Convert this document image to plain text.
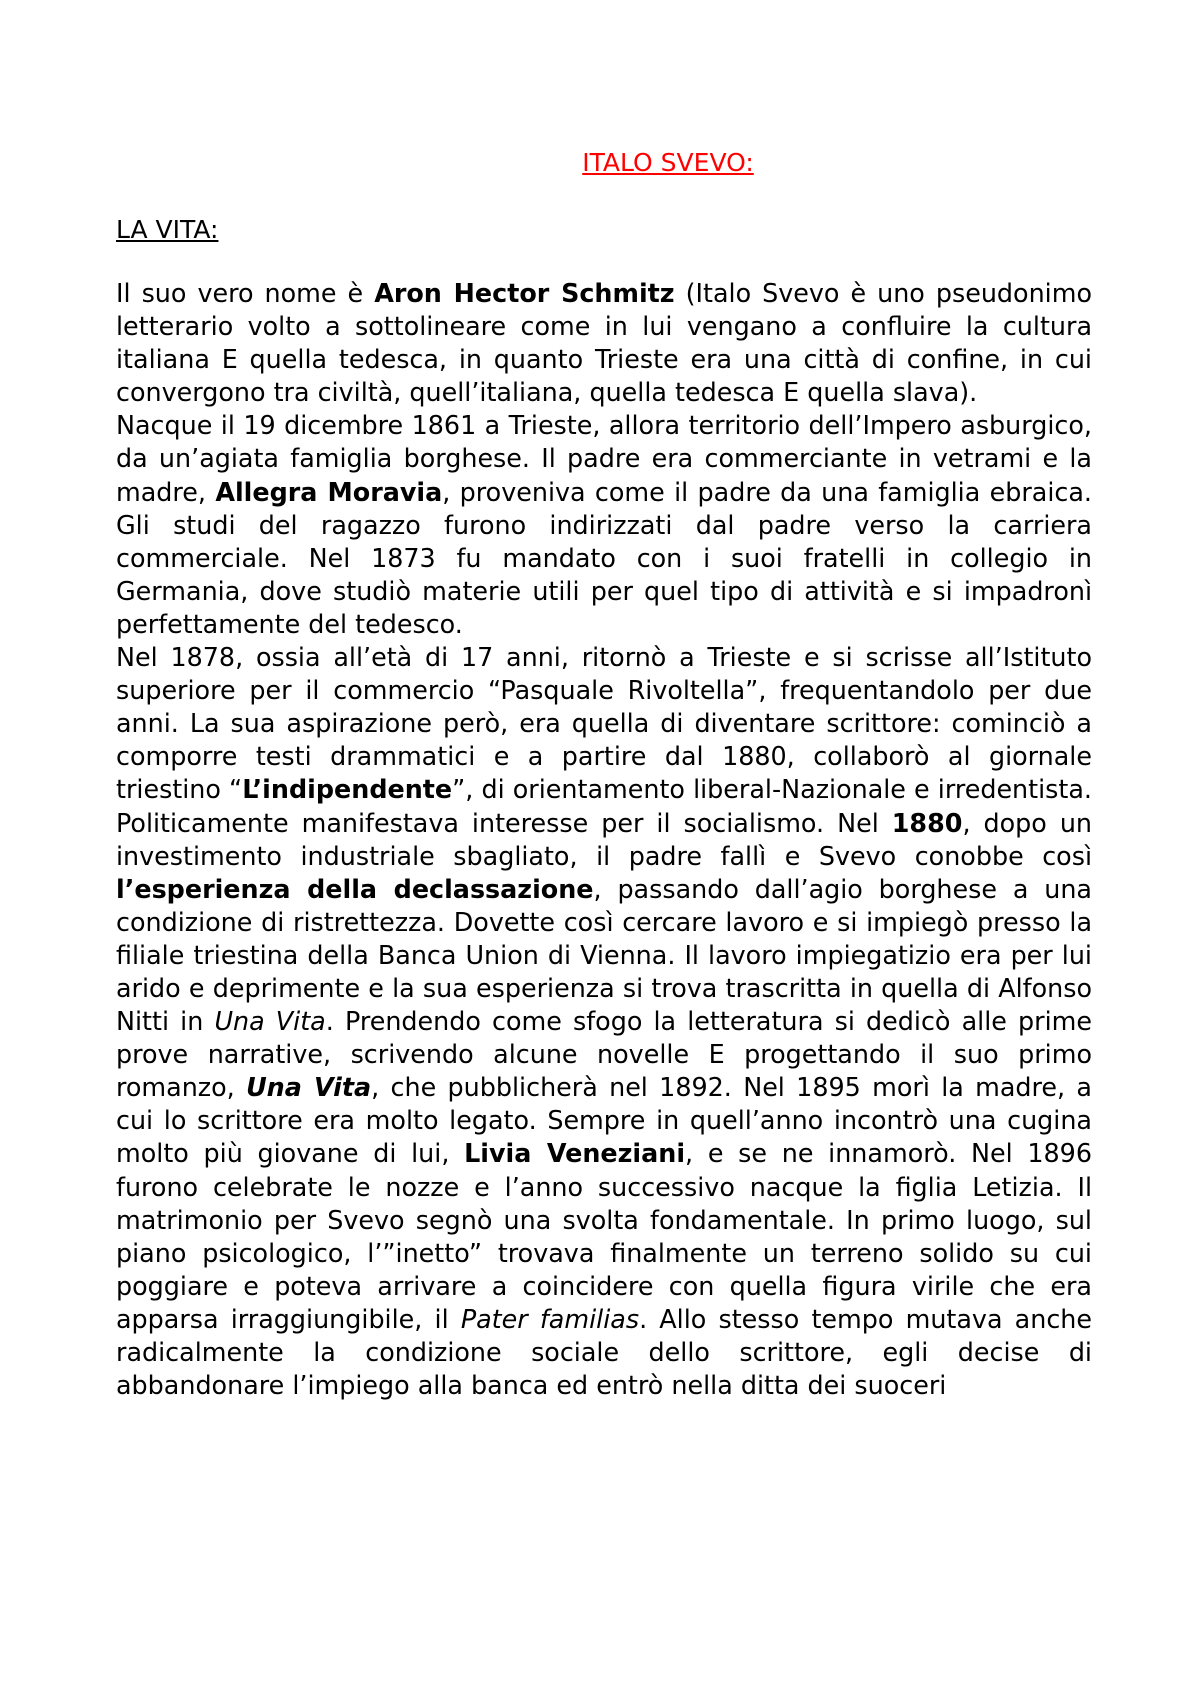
ITALO SVEVO:
LA VITA:

Il suo vero nome è Aron Hector Schmitz (Italo Svevo è uno pseudonimo letterario volto a sottolineare come in lui vengano a confluire la cultura italiana E quella tedesca, in quanto Trieste era una città di confine, in cui convergono tra civiltà, quell’italiana, quella tedesca E quella slava).

Nacque il 19 dicembre 1861 a Trieste, allora territorio dell’Impero asburgico, da un’agiata famiglia borghese. Il padre era commerciante in vetrami e la madre, Allegra Moravia, proveniva come il padre da una famiglia ebraica. Gli studi del ragazzo furono indirizzati dal padre verso la carriera commerciale. Nel 1873 fu mandato con i suoi fratelli in collegio in Germania, dove studiò materie utili per quel tipo di attività e si impadronì perfettamente del tedesco.

Nel 1878, ossia all’età di 17 anni, ritornò a Trieste e si scrisse all’Istituto superiore per il commercio “Pasquale Rivoltella”, frequentandolo per due anni. La sua aspirazione però, era quella di diventare scrittore: cominciò a comporre testi drammatici e a partire dal 1880, collaborò al giornale triestino “L’indipendente”, di orientamento liberal-Nazionale e irredentista. Politicamente manifestava interesse per il socialismo. Nel 1880, dopo un investimento industriale sbagliato, il padre fallì e Svevo conobbe così l’esperienza della declassazione, passando dall’agio borghese a una condizione di ristrettezza. Dovette così cercare lavoro e si impiegò presso la filiale triestina della Banca Union di Vienna. Il lavoro impiegatizio era per lui arido e deprimente e la sua esperienza si trova trascritta in quella di Alfonso Nitti in Una Vita. Prendendo come sfogo la letteratura si dedicò alle prime prove narrative, scrivendo alcune novelle E progettando il suo primo romanzo, Una Vita, che pubblicherà nel 1892. Nel 1895 morì la madre, a cui lo scrittore era molto legato. Sempre in quell’anno incontrò una cugina molto più giovane di lui, Livia Veneziani, e se ne innamorò. Nel 1896 furono celebrate le nozze e l’anno successivo nacque la figlia Letizia. Il matrimonio per Svevo segnò una svolta fondamentale. In primo luogo, sul piano psicologico, l’”inetto” trovava finalmente un terreno solido su cui poggiare e poteva arrivare a coincidere con quella figura virile che era apparsa irraggiungibile, il Pater familias. Allo stesso tempo mutava anche radicalmente la condizione sociale dello scrittore, egli decise di abbandonare l’impiego alla banca ed entrò nella ditta dei suoceri
